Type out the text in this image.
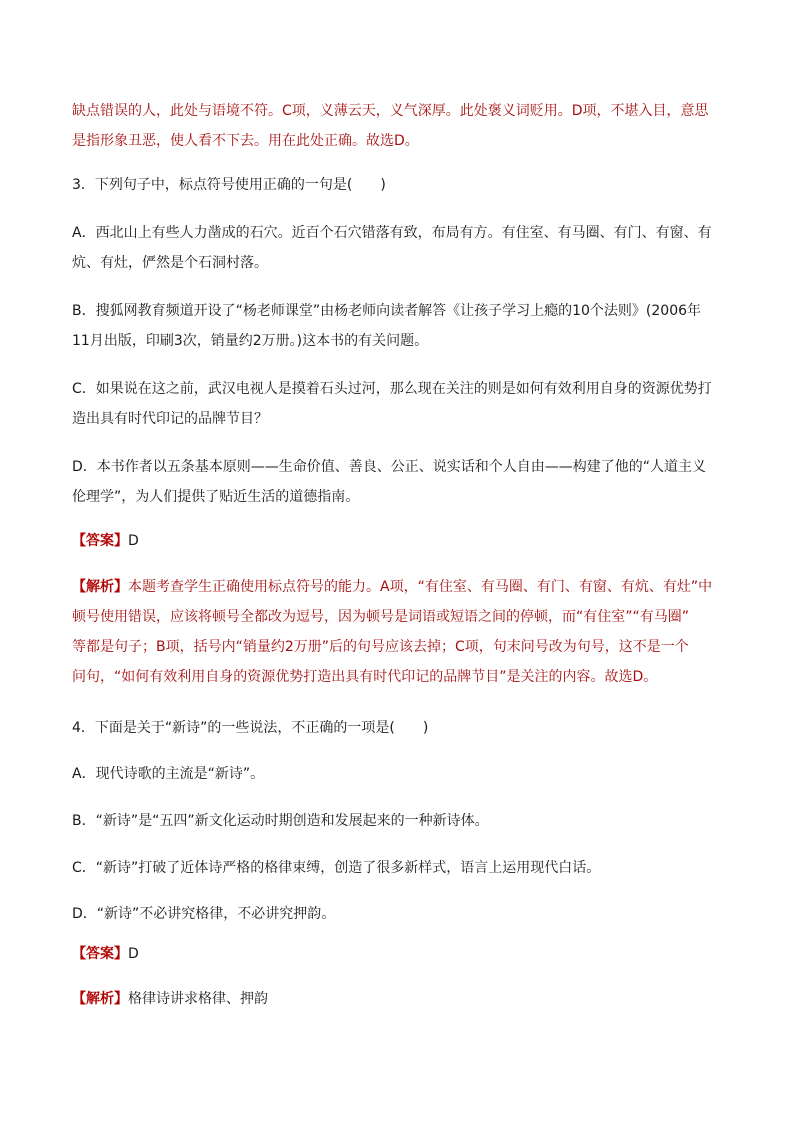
缺点错误的人，此处与语境不符。C项，义薄云天，义气深厚。此处褒义词贬用。D项，不堪入目，意思
是指形象丑恶，使人看不下去。用在此处正确。故选D。
3．下列句子中，标点符号使用正确的一句是(　　)
A．西北山上有些人力凿成的石穴。近百个石穴错落有致，布局有方。有住室、有马圈、有门、有窗、有
炕、有灶，俨然是个石洞村落。
B．搜狐网教育频道开设了“杨老师课堂”由杨老师向读者解答《让孩子学习上瘾的10个法则》(2006年
11月出版，印刷3次，销量约2万册。)这本书的有关问题。
C．如果说在这之前，武汉电视人是摸着石头过河，那么现在关注的则是如何有效利用自身的资源优势打
造出具有时代印记的品牌节目？
D．本书作者以五条基本原则——生命价值、善良、公正、说实话和个人自由——构建了他的“人道主义
伦理学”，为人们提供了贴近生活的道德指南。
【答案】D
【解析】本题考查学生正确使用标点符号的能力。A项，“有住室、有马圈、有门、有窗、有炕、有灶”中
顿号使用错误，应该将顿号全都改为逗号，因为顿号是词语或短语之间的停顿，而“有住室”“有马圈”
等都是句子；B项，括号内“销量约2万册”后的句号应该去掉；C项，句末问号改为句号，这不是一个
问句，“如何有效利用自身的资源优势打造出具有时代印记的品牌节目”是关注的内容。故选D。
4．下面是关于“新诗”的一些说法，不正确的一项是(　　)
A．现代诗歌的主流是“新诗”。
B．“新诗”是“五四”新文化运动时期创造和发展起来的一种新诗体。
C．“新诗”打破了近体诗严格的格律束缚，创造了很多新样式，语言上运用现代白话。
D．“新诗”不必讲究格律，不必讲究押韵。
【答案】D
【解析】格律诗讲求格律、押韵
